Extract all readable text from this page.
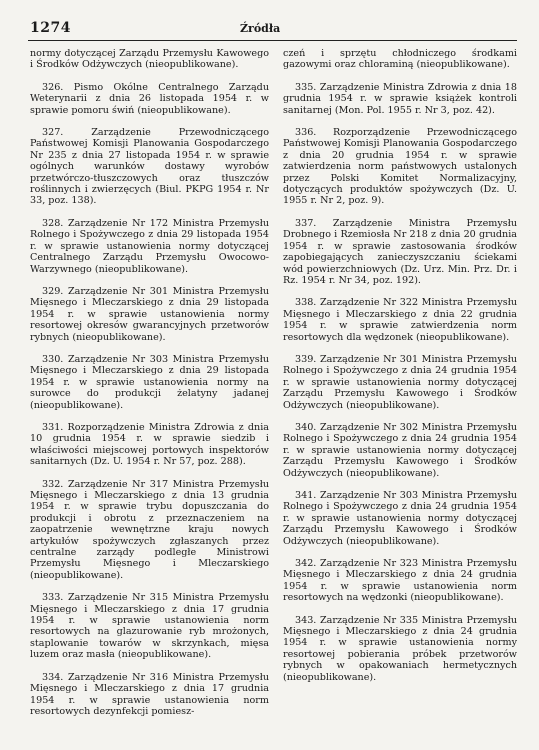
1274	Źródła

normy dotyczącej Zarządu Przemysłu Kawowego i Środków Odżywczych (nieopublikowane).

326. Pismo Okólne Centralnego Zarządu Weterynarii z dnia 26 listopada 1954 r. w sprawie pomoru świń (nieopublikowane).

327. Zarządzenie Przewodniczącego Państwowej Komisji Planowania Gospodarczego Nr 235 z dnia 27 listopada 1954 r. w sprawie ogólnych warunków dostawy wyrobów przetwórczo-tłuszczowych oraz tłuszczów roślinnych i zwierzęcych (Biul. PKPG 1954 r. Nr 33, poz. 138).

328. Zarządzenie Nr 172 Ministra Przemysłu Rolnego i Spożywczego z dnia 29 listopada 1954 r. w sprawie ustanowienia normy dotyczącej Centralnego Zarządu Przemysłu Owocowo-Warzywnego (nieopublikowane).

329. Zarządzenie Nr 301 Ministra Przemysłu Mięsnego i Mleczarskiego z dnia 29 listopada 1954 r. w sprawie ustanowienia normy resortowej okresów gwarancyjnych przetworów rybnych (nieopublikowane).

330. Zarządzenie Nr 303 Ministra Przemysłu Mięsnego i Mleczarskiego z dnia 29 listopada 1954 r. w sprawie ustanowienia normy na surowce do produkcji żelatyny jadanej (nieopublikowane).

331. Rozporządzenie Ministra Zdrowia z dnia 10 grudnia 1954 r. w sprawie siedzib i właściwości miejscowej portowych inspektorów sanitarnych (Dz. U. 1954 r. Nr 57, poz. 288).

332. Zarządzenie Nr 317 Ministra Przemysłu Mięsnego i Mleczarskiego z dnia 13 grudnia 1954 r. w sprawie trybu dopuszczania do produkcji i obrotu z przeznaczeniem na zaopatrzenie wewnętrzne kraju nowych artykułów spożywczych zgłaszanych przez centralne zarządy podległe Ministrowi Przemysłu Mięsnego i Mleczarskiego (nieopublikowane).

333. Zarządzenie Nr 315 Ministra Przemysłu Mięsnego i Mleczarskiego z dnia 17 grudnia 1954 r. w sprawie ustanowienia norm resortowych na glazurowanie ryb mrożonych, staplowanie towarów w skrzynkach, mięsa luzem oraz masła (nieopublikowane).

334. Zarządzenie Nr 316 Ministra Przemysłu Mięsnego i Mleczarskiego z dnia 17 grudnia 1954 r. w sprawie ustanowienia norm resortowych dezynfekcji pomiesz-

czeń i sprzętu chłodniczego środkami gazowymi oraz chloraminą (nieopublikowane).

335. Zarządzenie Ministra Zdrowia z dnia 18 grudnia 1954 r. w sprawie książek kontroli sanitarnej (Mon. Pol. 1955 r. Nr 3, poz. 42).

336. Rozporządzenie Przewodniczącego Państwowej Komisji Planowania Gospodarczego z dnia 20 grudnia 1954 r. w sprawie zatwierdzenia norm państwowych ustalonych przez Polski Komitet Normalizacyjny, dotyczących produktów spożywczych (Dz. U. 1955 r. Nr 2, poz. 9).

337. Zarządzenie Ministra Przemysłu Drobnego i Rzemiosła Nr 218 z dnia 20 grudnia 1954 r. w sprawie zastosowania środków zapobiegających zanieczyszczaniu ściekami wód powierzchniowych (Dz. Urz. Min. Prz. Dr. i Rz. 1954 r. Nr 34, poz. 192).

338. Zarządzenie Nr 322 Ministra Przemysłu Mięsnego i Mleczarskiego z dnia 22 grudnia 1954 r. w sprawie zatwierdzenia norm resortowych dla wędzonek (nieopublikowane).

339. Zarządzenie Nr 301 Ministra Przemysłu Rolnego i Spożywczego z dnia 24 grudnia 1954 r. w sprawie ustanowienia normy dotyczącej Zarządu Przemysłu Kawowego i Środków Odżywczych (nieopublikowane).

340. Zarządzenie Nr 302 Ministra Przemysłu Rolnego i Spożywczego z dnia 24 grudnia 1954 r. w sprawie ustanowienia normy dotyczącej Zarządu Przemysłu Kawowego i Środków Odżywczych (nieopublikowane).

341. Zarządzenie Nr 303 Ministra Przemysłu Rolnego i Spożywczego z dnia 24 grudnia 1954 r. w sprawie ustanowienia normy dotyczącej Zarządu Przemysłu Kawowego i Środków Odżywczych (nieopublikowane).

342. Zarządzenie Nr 323 Ministra Przemysłu Mięsnego i Mleczarskiego z dnia 24 grudnia 1954 r. w sprawie ustanowienia norm resortowych na wędzonki (nieopublikowane).

343. Zarządzenie Nr 335 Ministra Przemysłu Mięsnego i Mleczarskiego z dnia 24 grudnia 1954 r. w sprawie ustanowienia normy resortowej pobierania próbek przetworów rybnych w opakowaniach hermetycznych (nieopublikowane).
